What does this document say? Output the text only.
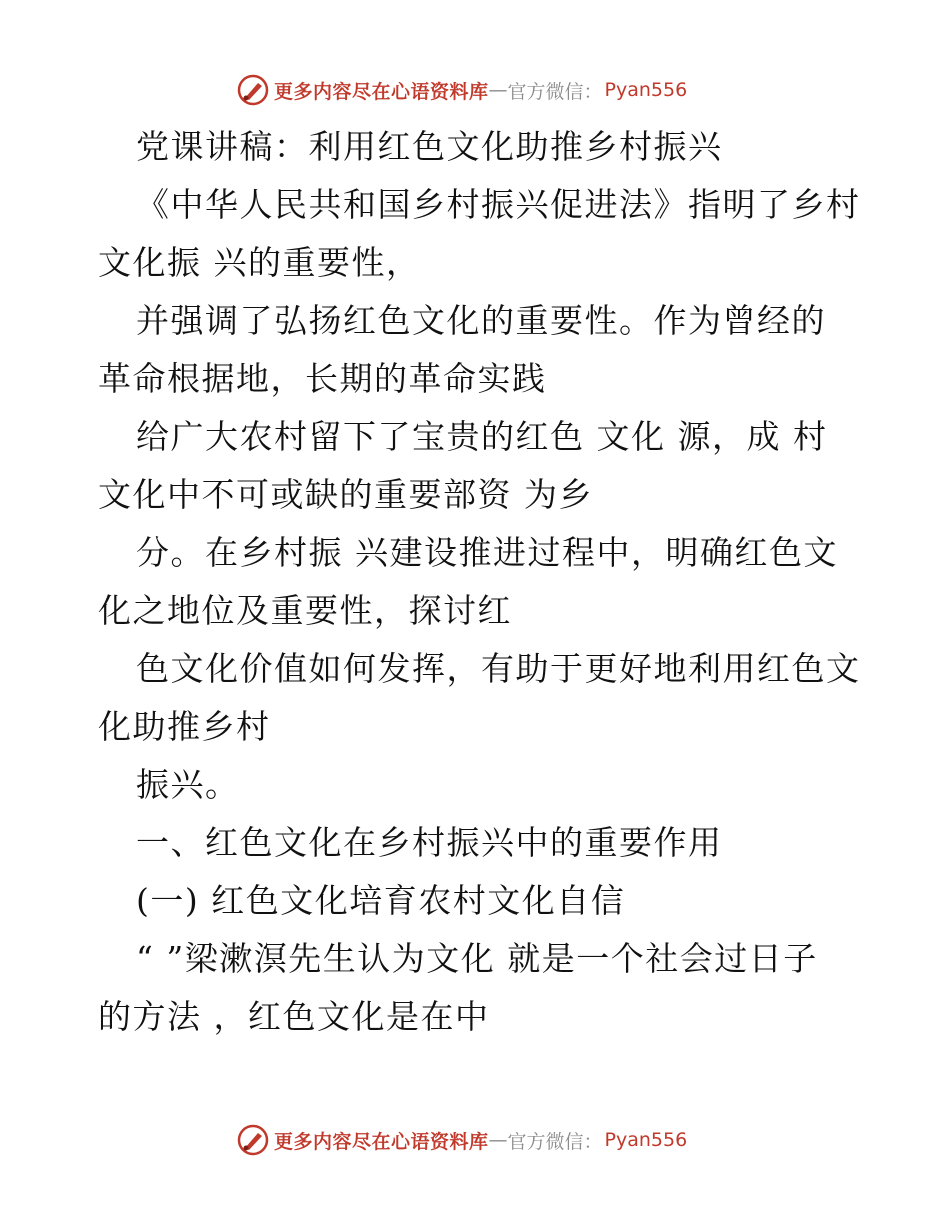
更多内容尽在心语资料库 — 官方微信： Pyan556
党课讲稿：利用红色文化助推乡村振兴
《中华人民共和国乡村振兴促进法》指明了乡村
文化振 兴的重要性，
并强调了弘扬红色文化的重要性。作为曾经的
革命根据地，长期的革命实践
给广大农村留下了宝贵的红色 文化 源，成 村
文化中不可或缺的重要部资 为乡
分。在乡村振 兴建设推进过程中，明确红色文
化之地位及重要性，探讨红
色文化价值如何发挥，有助于更好地利用红色文
化助推乡村
振兴。
一、红色文化在乡村振兴中的重要作用
(一) 红色文化培育农村文化自信
“ ”梁漱溟先生认为文化 就是一个社会过日子
的方法 ，红色文化是在中
更多内容尽在心语资料库 — 官方微信： Pyan556
